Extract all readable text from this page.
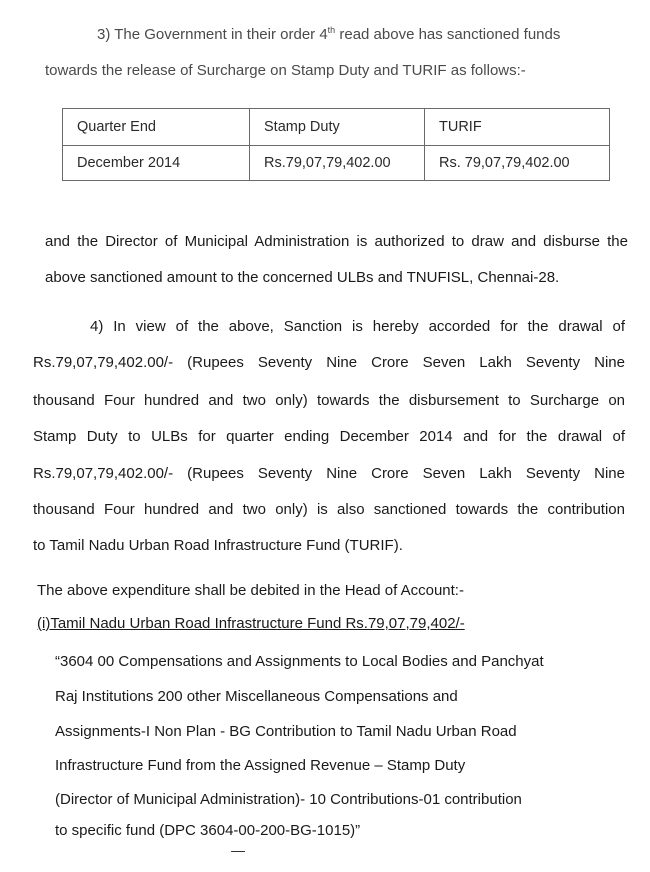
3) The Government in their order 4th read above has sanctioned funds
towards the release of Surcharge on Stamp Duty and TURIF as follows:-
Quarter End	Stamp Duty	TURIF
December 2014	Rs.79,07,79,402.00	Rs. 79,07,79,402.00
and the Director of Municipal Administration is authorized to draw and disburse the
above sanctioned amount to the concerned ULBs and TNUFISL, Chennai-28.
4) In view of the above, Sanction is hereby accorded for the drawal of
Rs.79,07,79,402.00/- (Rupees Seventy Nine Crore Seven Lakh Seventy Nine
thousand Four hundred and two only) towards the disbursement to Surcharge on
Stamp Duty to ULBs for quarter ending December 2014 and for the drawal of
Rs.79,07,79,402.00/- (Rupees Seventy Nine Crore Seven Lakh Seventy Nine
thousand Four hundred and two only) is also sanctioned towards the contribution
to Tamil Nadu Urban Road Infrastructure Fund (TURIF).
The above expenditure shall be debited in the Head of Account:-
(i)Tamil Nadu Urban Road Infrastructure Fund Rs.79,07,79,402/-
“3604 00 Compensations and Assignments to Local Bodies and Panchyat
Raj Institutions 200 other Miscellaneous Compensations and
Assignments-I Non Plan - BG Contribution to Tamil Nadu Urban Road
Infrastructure Fund from the Assigned Revenue – Stamp Duty
(Director of Municipal Administration)- 10 Contributions-01 contribution
to specific fund (DPC 3604-00-200-BG-1015)”
